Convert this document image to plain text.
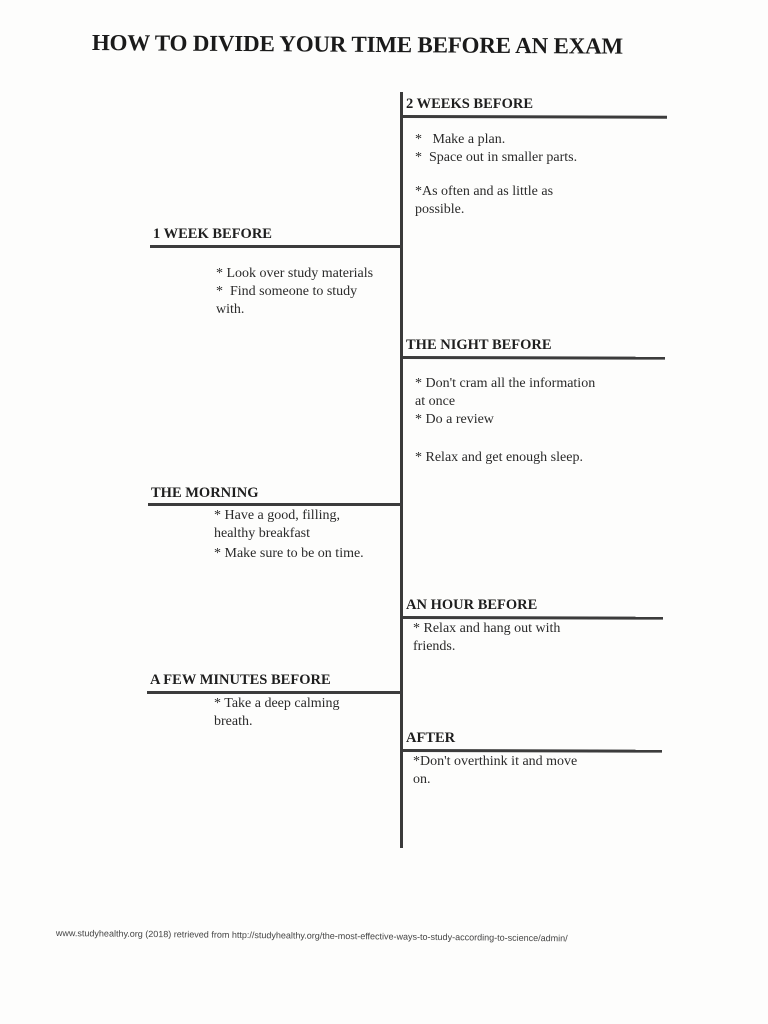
HOW TO DIVIDE YOUR TIME BEFORE AN EXAM
2 WEEKS BEFORE

*   Make a plan.

*  Space out in smaller parts.

*As often and as little as possible.

1 WEEK BEFORE

* Look over study materials

*  Find someone to study with.

THE NIGHT BEFORE

* Don't cram all the information at once

* Do a review

* Relax and get enough sleep.

THE MORNING

* Have a good, filling, healthy breakfast

* Make sure to be on time.

AN HOUR BEFORE

* Relax and hang out with friends.

A FEW MINUTES BEFORE

* Take a deep calming breath.

AFTER

*Don't overthink it and move on.

www.studyhealthy.org (2018) retrieved from http://studyhealthy.org/the-most-effective-ways-to-study-according-to-science/admin/
